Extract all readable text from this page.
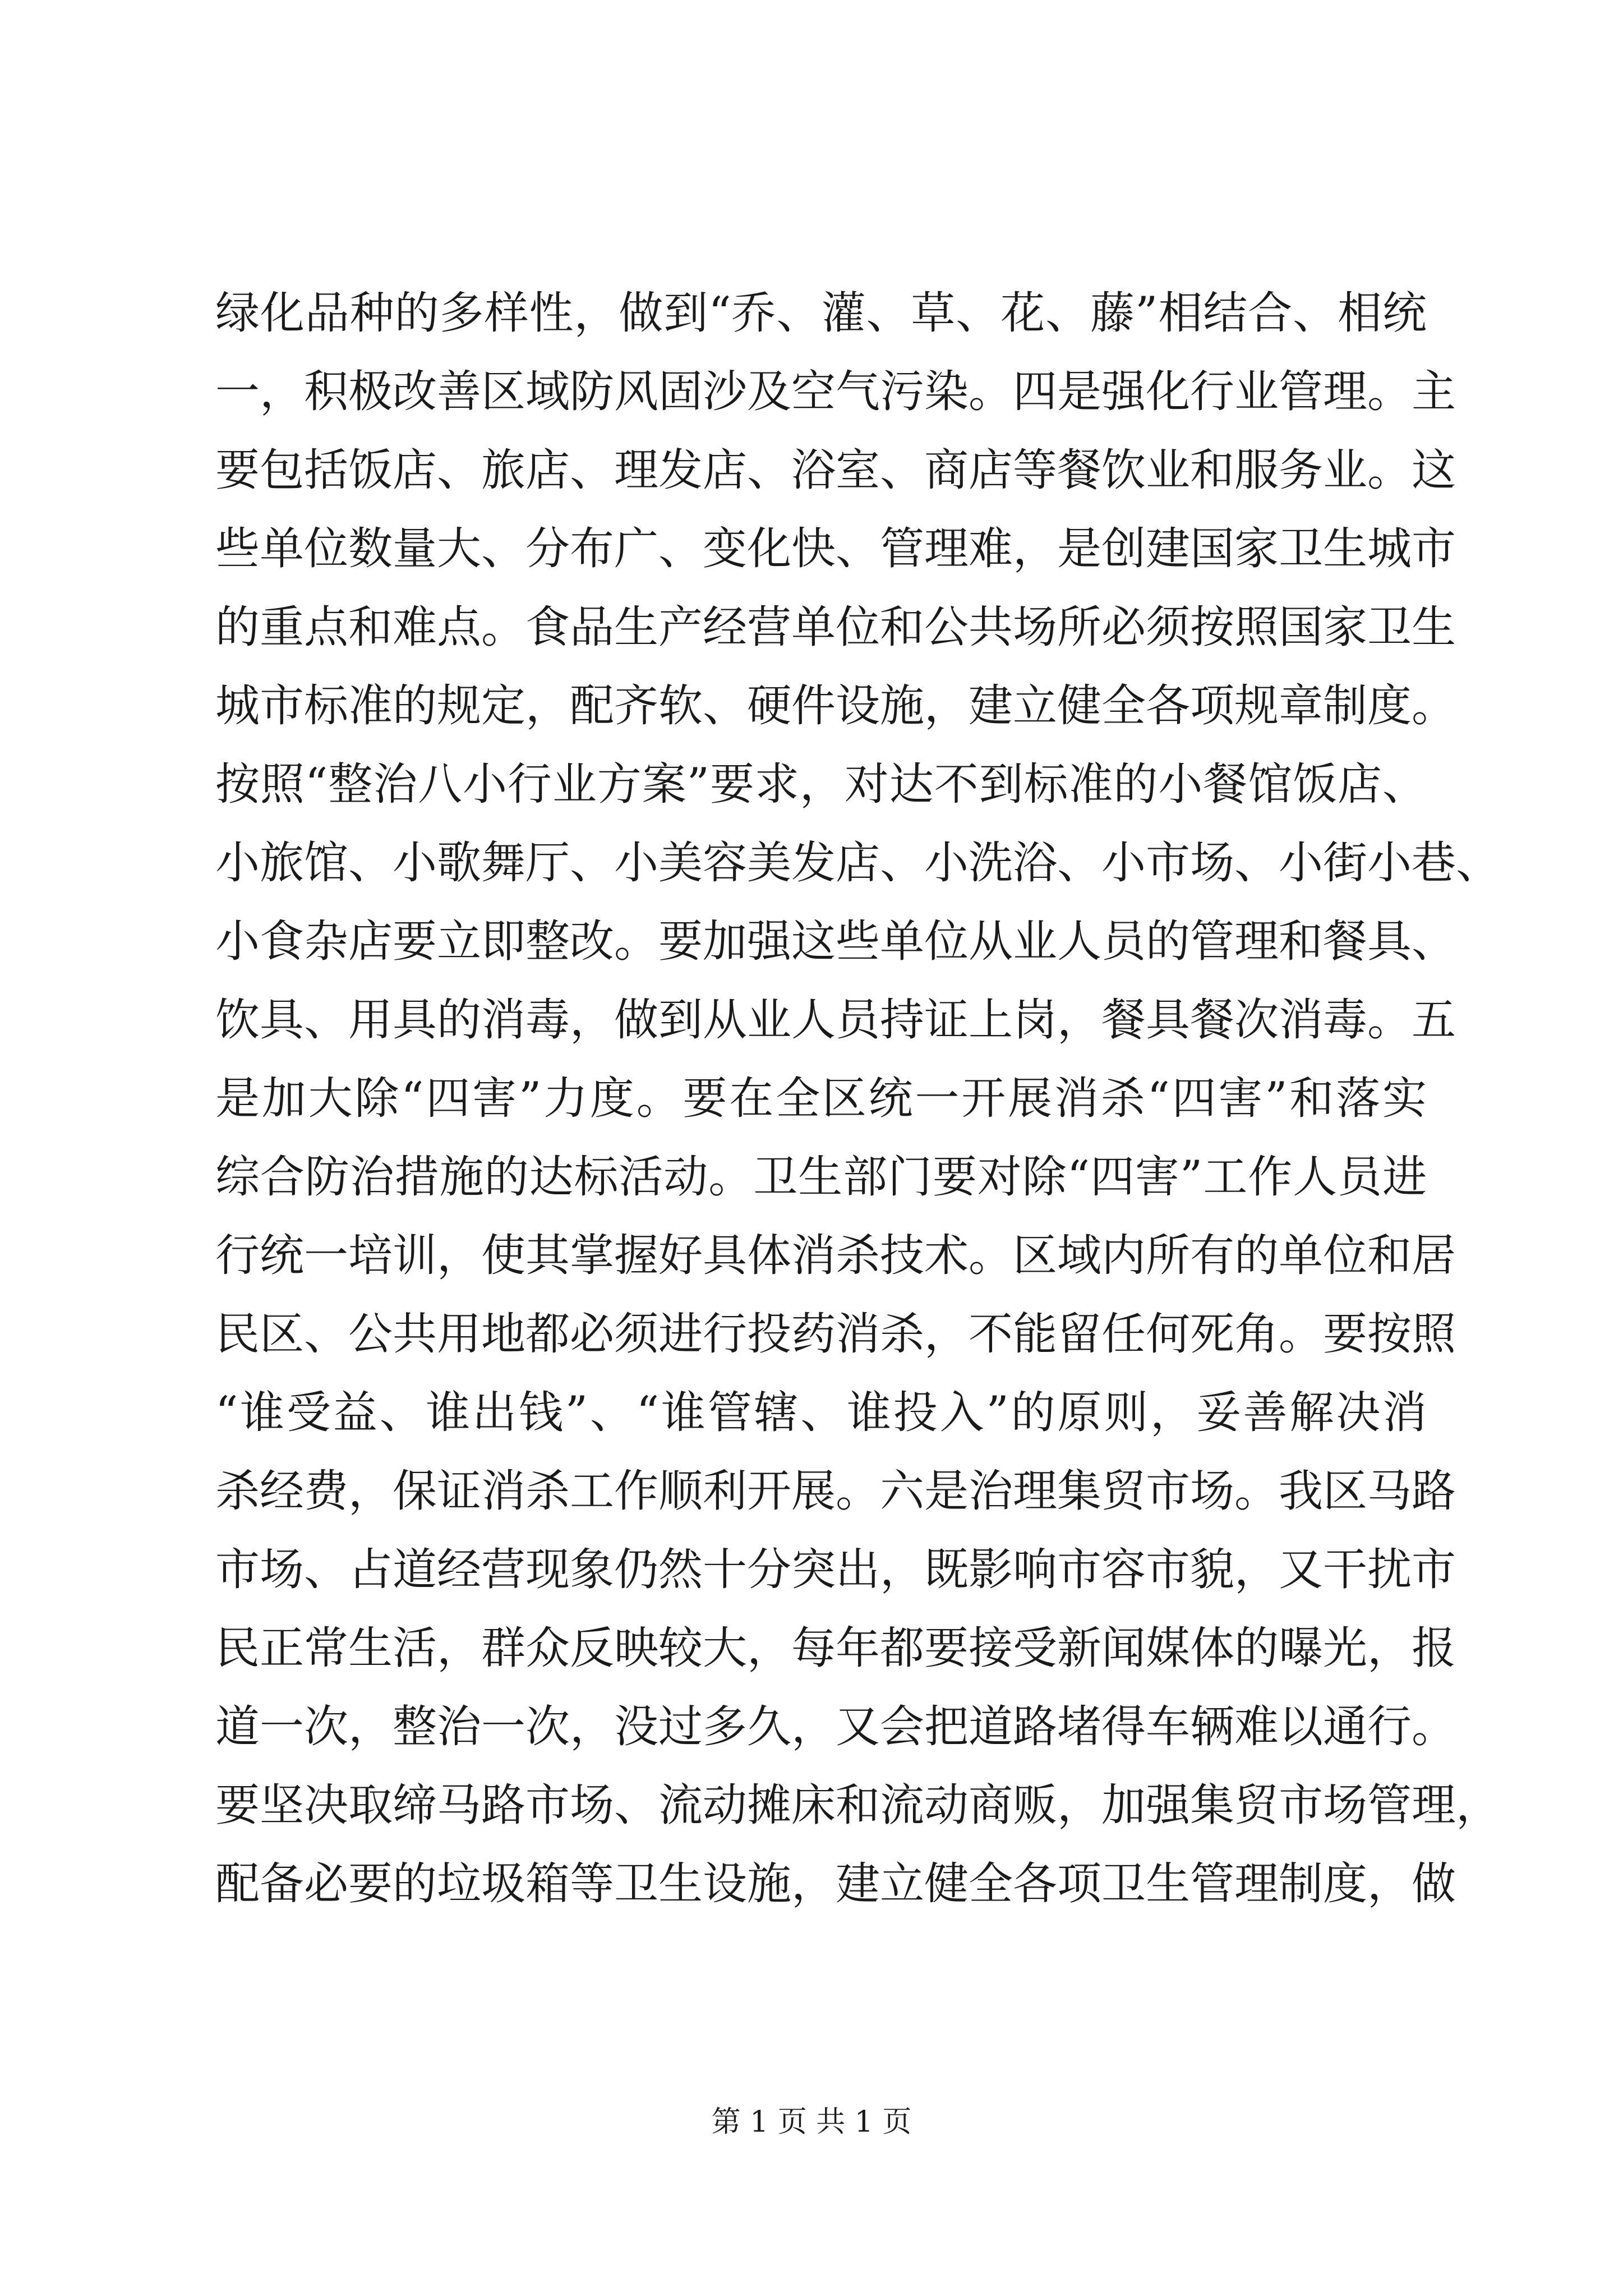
绿化品种的多样性，做到“乔、灌、草、花、藤”相结合、相统
一，积极改善区域防风固沙及空气污染。四是强化行业管理。主
要包括饭店、旅店、理发店、浴室、商店等餐饮业和服务业。这
些单位数量大、分布广、变化快、管理难，是创建国家卫生城市
的重点和难点。食品生产经营单位和公共场所必须按照国家卫生
城市标准的规定，配齐软、硬件设施，建立健全各项规章制度。
按照“整治八小行业方案”要求，对达不到标准的小餐馆饭店、
小旅馆、小歌舞厅、小美容美发店、小洗浴、小市场、小街小巷、
小食杂店要立即整改。要加强这些单位从业人员的管理和餐具、
饮具、用具的消毒，做到从业人员持证上岗，餐具餐次消毒。五
是加大除“四害”力度。要在全区统一开展消杀“四害”和落实
综合防治措施的达标活动。卫生部门要对除“四害”工作人员进
行统一培训，使其掌握好具体消杀技术。区域内所有的单位和居
民区、公共用地都必须进行投药消杀，不能留任何死角。要按照
“谁受益、谁出钱”、“谁管辖、谁投入”的原则，妥善解决消
杀经费，保证消杀工作顺利开展。六是治理集贸市场。我区马路
市场、占道经营现象仍然十分突出，既影响市容市貌，又干扰市
民正常生活，群众反映较大，每年都要接受新闻媒体的曝光，报
道一次，整治一次，没过多久，又会把道路堵得车辆难以通行。
要坚决取缔马路市场、流动摊床和流动商贩，加强集贸市场管理，
配备必要的垃圾箱等卫生设施，建立健全各项卫生管理制度，做
第 1 页 共 1 页
